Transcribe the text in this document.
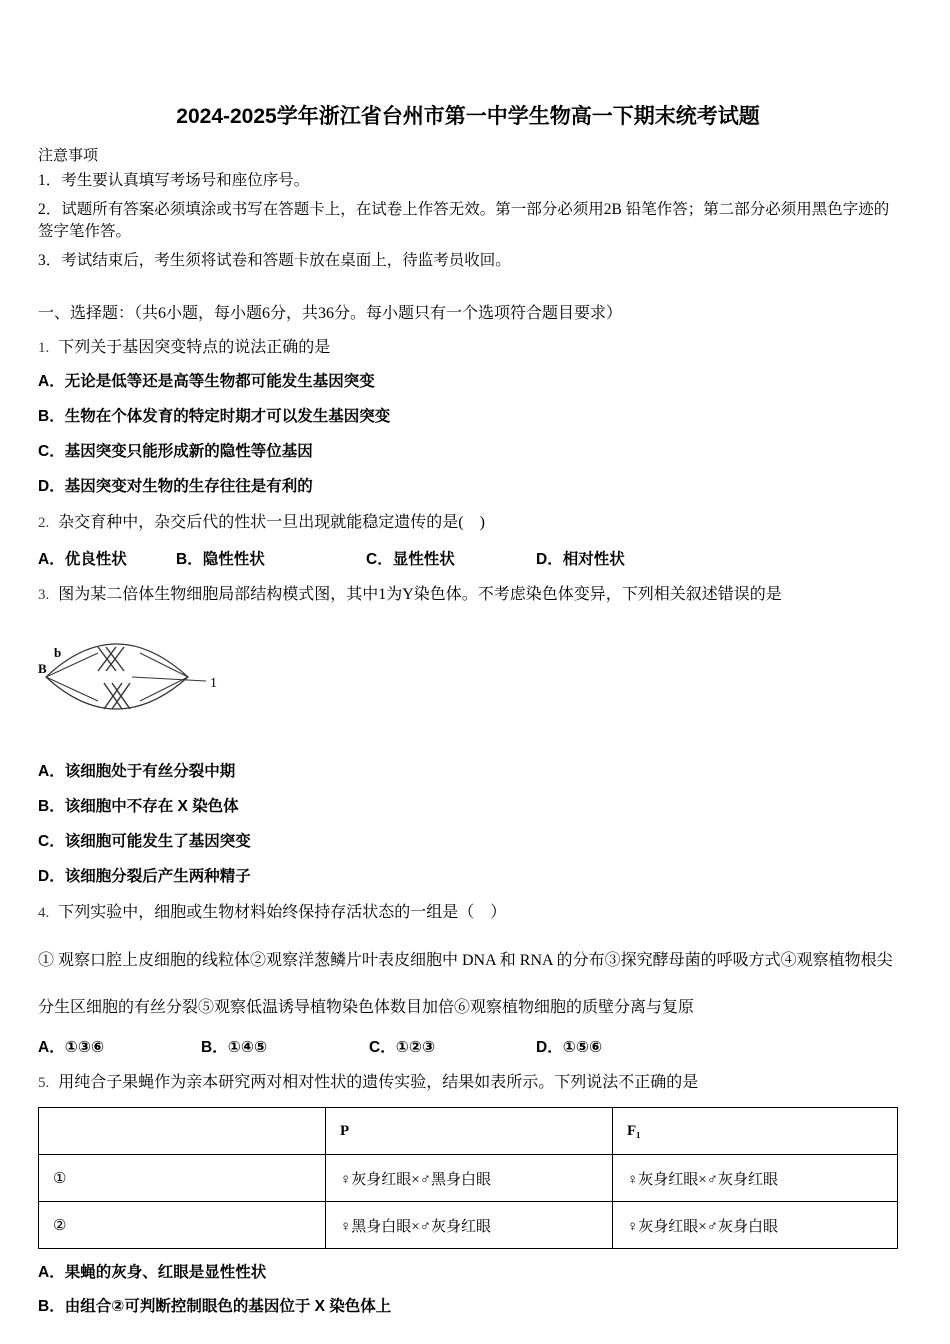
2024-2025学年浙江省台州市第一中学生物高一下期末统考试题

注意事项

1．考生要认真填写考场号和座位序号。

2．试题所有答案必须填涂或书写在答题卡上，在试卷上作答无效。第一部分必须用2B 铅笔作答；第二部分必须用黑色字迹的签字笔作答。

3．考试结束后，考生须将试卷和答题卡放在桌面上，待监考员收回。

一、选择题：（共6小题，每小题6分，共36分。每小题只有一个选项符合题目要求）

1. 下列关于基因突变特点的说法正确的是

A．无论是低等还是高等生物都可能发生基因突变

B．生物在个体发育的特定时期才可以发生基因突变

C．基因突变只能形成新的隐性等位基因

D．基因突变对生物的生存往往是有利的

2. 杂交育种中，杂交后代的性状一旦出现就能稳定遗传的是(　)

A．优良性状	B．隐性性状	C．显性性状	D．相对性状

3. 图为某二倍体生物细胞局部结构模式图，其中1为Y染色体。不考虑染色体变异，下列相关叙述错误的是

1
B
b

A．该细胞处于有丝分裂中期

B．该细胞中不存在 X 染色体

C．该细胞可能发生了基因突变

D．该细胞分裂后产生两种精子

4. 下列实验中，细胞或生物材料始终保持存活状态的一组是（　）

① 观察口腔上皮细胞的线粒体②观察洋葱鳞片叶表皮细胞中 DNA 和 RNA 的分布③探究酵母菌的呼吸方式④观察植物根尖分生区细胞的有丝分裂⑤观察低温诱导植物染色体数目加倍⑥观察植物细胞的质壁分离与复原

A．①③⑥	B．①④⑤	C．①②③	D．①⑤⑥

5. 用纯合子果蝇作为亲本研究两对相对性状的遗传实验，结果如表所示。下列说法不正确的是

	P	F₁
①	♀灰身红眼×♂黑身白眼	♀灰身红眼×♂灰身红眼
②	♀黑身白眼×♂灰身红眼	♀灰身红眼×♂灰身白眼

A．果蝇的灰身、红眼是显性性状

B．由组合②可判断控制眼色的基因位于 X 染色体上
